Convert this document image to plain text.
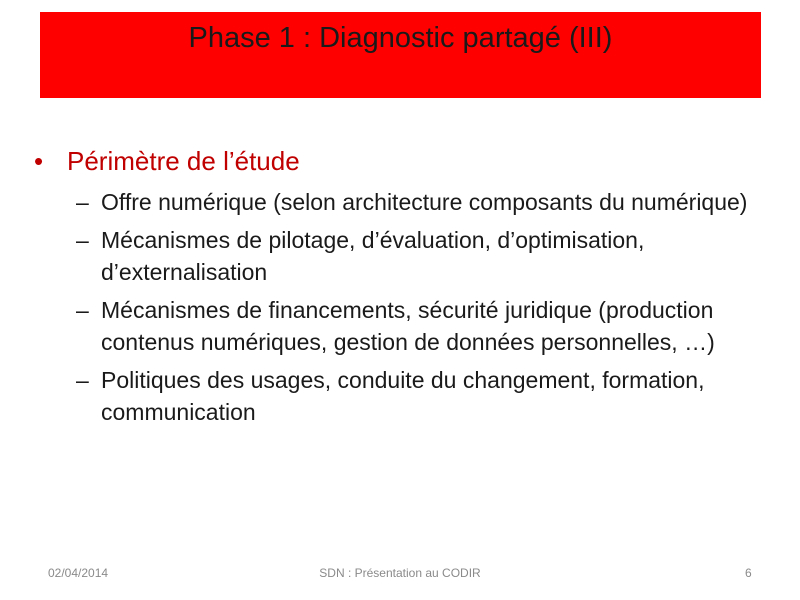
Phase 1 : Diagnostic partagé (III)
• Périmètre de l’étude
– Offre numérique (selon architecture composants du numérique)
– Mécanismes de pilotage, d’évaluation, d’optimisation, d’externalisation
– Mécanismes de financements, sécurité juridique (production contenus numériques, gestion de données personnelles, …)
– Politiques des usages, conduite du changement, formation, communication
02/04/2014	SDN : Présentation au CODIR	6
